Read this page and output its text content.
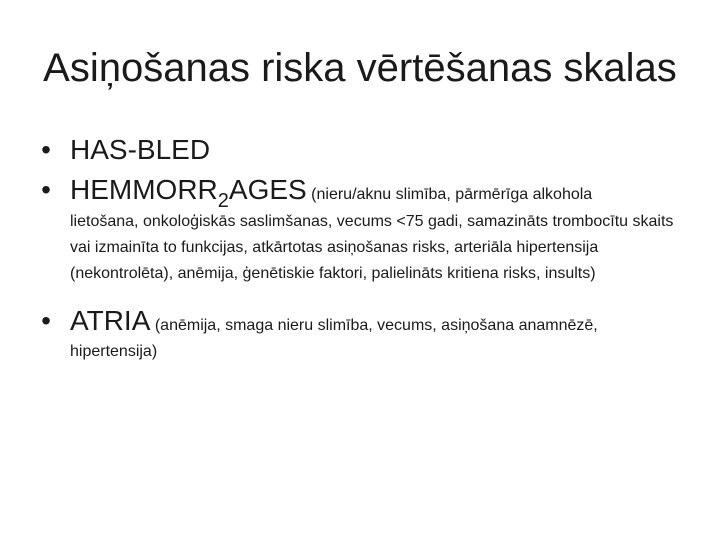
Asiņošanas riska vērtēšanas skalas
• HAS-BLED
• $HEMMORR_2AGES$ (nieru/aknu slimība, pārmērīga alkohola
lietošana, onkoloģiskās saslimšanas, vecums <75 gadi, samazināts trombocītu skaits vai izmainīta to funkcijas, atkārtotas asiņošanas risks, arteriāla hipertensija (nekontrolēta), anēmija, ģenētiskie faktori, palielināts kritiena risks, insults)
• ATRIA (anēmija, smaga nieru slimība, vecums, asiņošana anamnēzē,
hipertensija)
